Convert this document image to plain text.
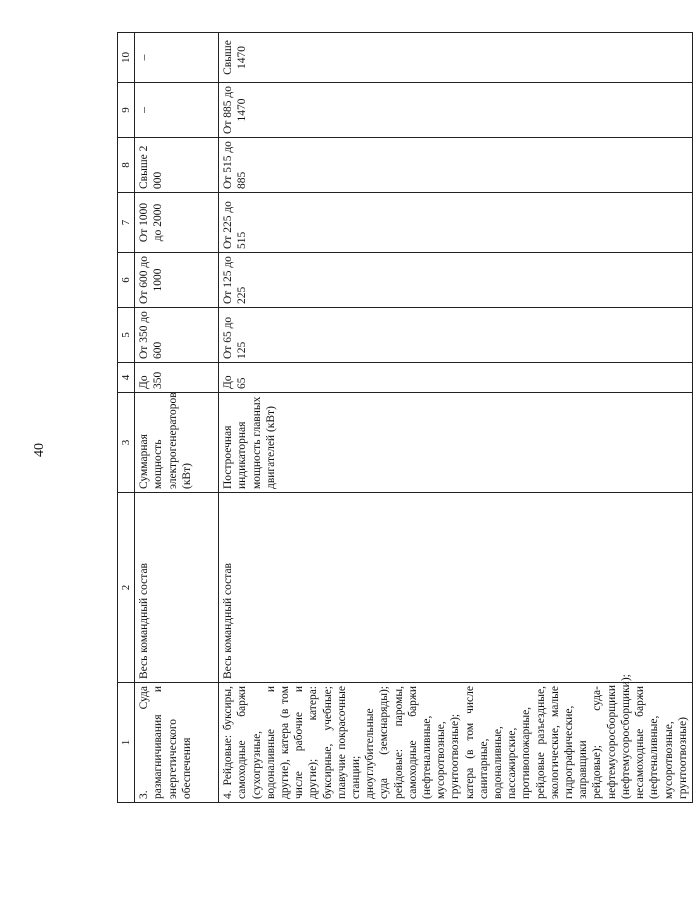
40
1	2	3	4	5	6	7	8	9	10
3. Суда размагничивания и энергетического обеспечения	Весь командный состав	Суммарная мощность электрогенераторов (кВт)	До 350	От 350 до 600	От 600 до 1000	От 1000 до 2000	Свыше 2 000	–	–
4. Рейдовые: буксиры, самоходные баржи (сухогрузные, водоналивные и другие), катера (в том числе рабочие и другие); катера: буксирные, учебные; плавучие покрасочные станции; дноуглубительные суда (земснаряды); рейдовые: паромы, самоходные баржи (нефтеналивные, мусоротвозные, грунтоотвозные); катера (в том числе санитарные, водоналивные, пассажирские, противопожарные, рейдовые разъездные, экологические, малые гидрографические, заправщики рейдовые); суда-нефтемусоросборщики (нефтемусоросборщики); несамоходные баржи (нефтеналивные, мусоротвозные, грунтоотвозные)	Весь командный состав	Построечная индикаторная мощность главных двигателей (кВт)	До 65	От 65 до 125	От 125 до 225	От 225 до 515	От 515 до 885	От 885 до 1470	Свыше 1470
